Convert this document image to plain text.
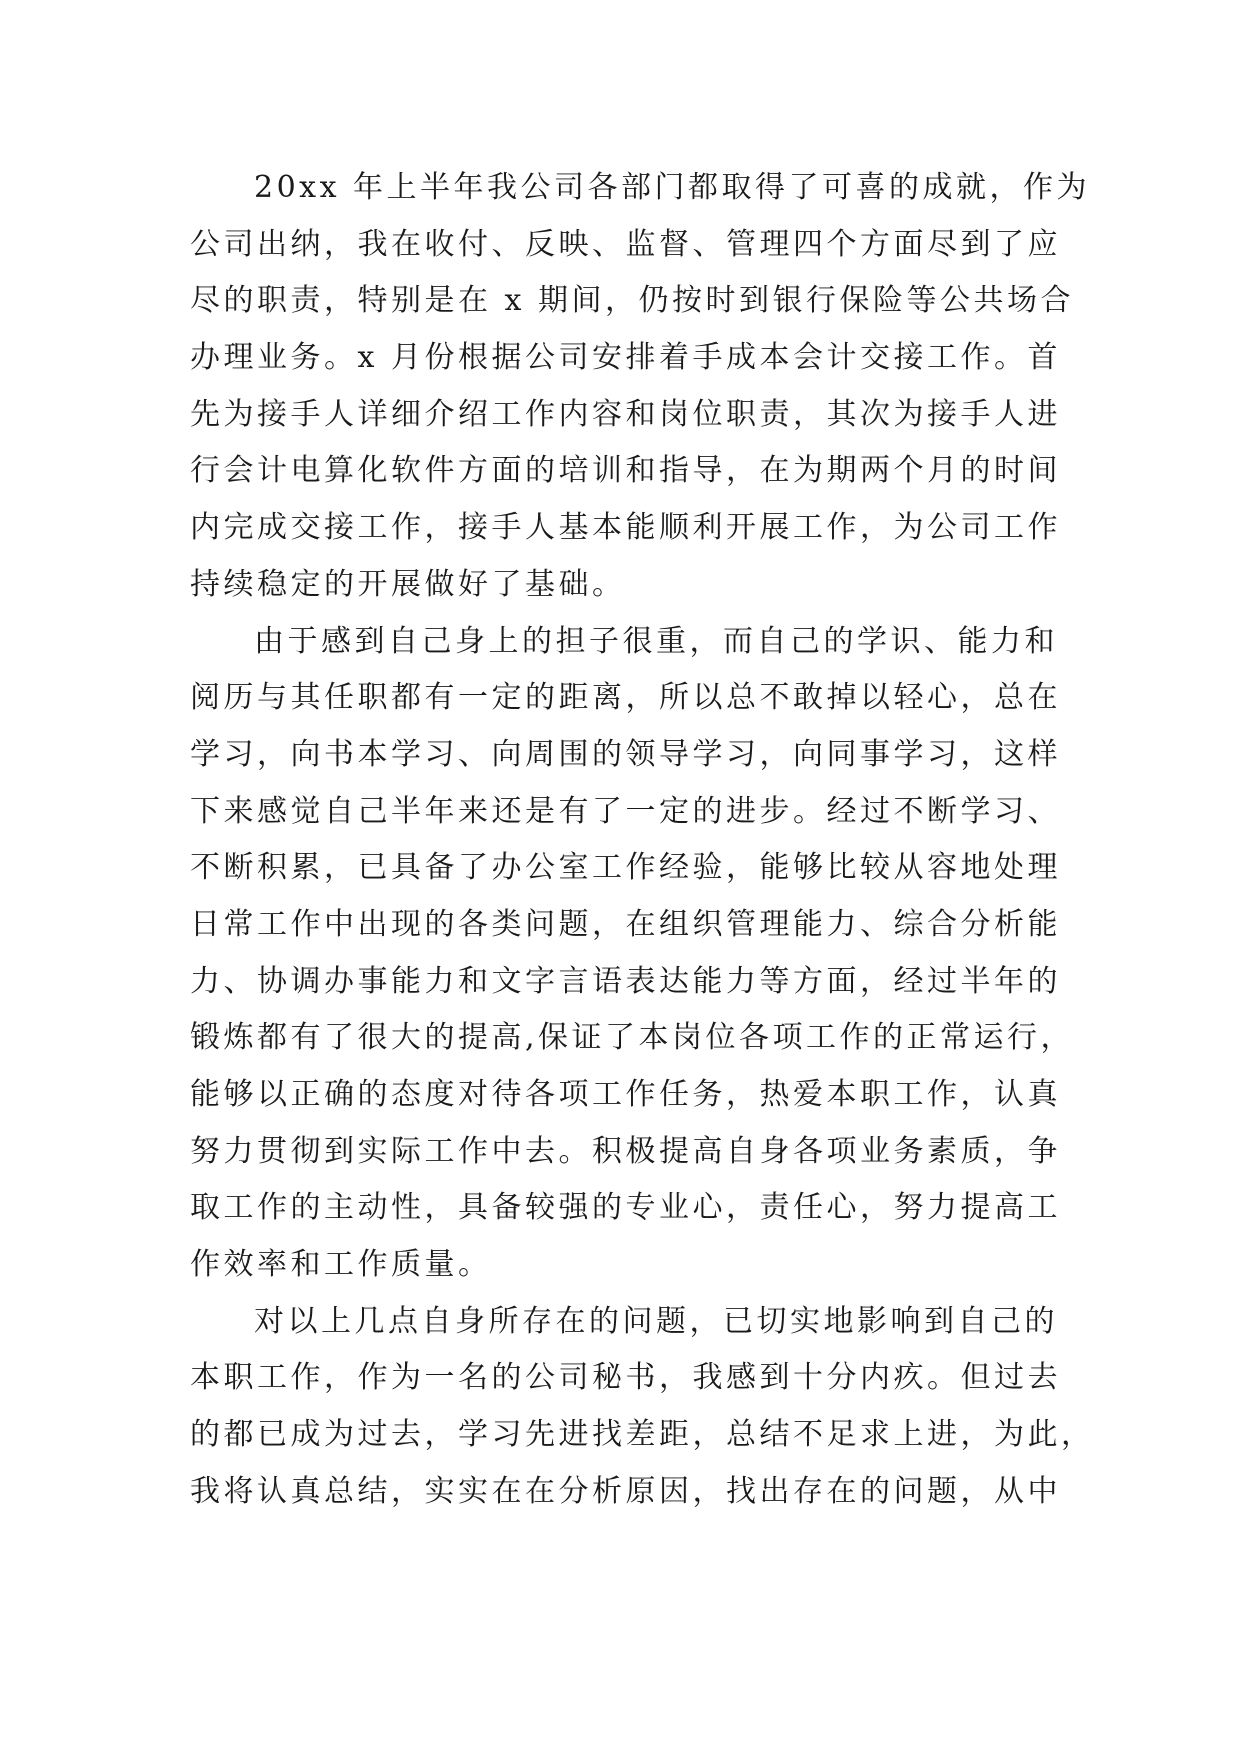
20xx 年上半年我公司各部门都取得了可喜的成就，作为
公司出纳，我在收付、反映、监督、管理四个方面尽到了应
尽的职责，特别是在 x 期间，仍按时到银行保险等公共场合
办理业务。x 月份根据公司安排着手成本会计交接工作。首
先为接手人详细介绍工作内容和岗位职责，其次为接手人进
行会计电算化软件方面的培训和指导，在为期两个月的时间
内完成交接工作，接手人基本能顺利开展工作，为公司工作
持续稳定的开展做好了基础。
由于感到自己身上的担子很重，而自己的学识、能力和
阅历与其任职都有一定的距离，所以总不敢掉以轻心，总在
学习，向书本学习、向周围的领导学习，向同事学习，这样
下来感觉自己半年来还是有了一定的进步。经过不断学习、
不断积累，已具备了办公室工作经验，能够比较从容地处理
日常工作中出现的各类问题，在组织管理能力、综合分析能
力、协调办事能力和文字言语表达能力等方面，经过半年的
锻炼都有了很大的提高,保证了本岗位各项工作的正常运行，
能够以正确的态度对待各项工作任务，热爱本职工作，认真
努力贯彻到实际工作中去。积极提高自身各项业务素质，争
取工作的主动性，具备较强的专业心，责任心，努力提高工
作效率和工作质量。
对以上几点自身所存在的问题，已切实地影响到自己的
本职工作，作为一名的公司秘书，我感到十分内疚。但过去
的都已成为过去，学习先进找差距，总结不足求上进，为此，
我将认真总结，实实在在分析原因，找出存在的问题，从中
